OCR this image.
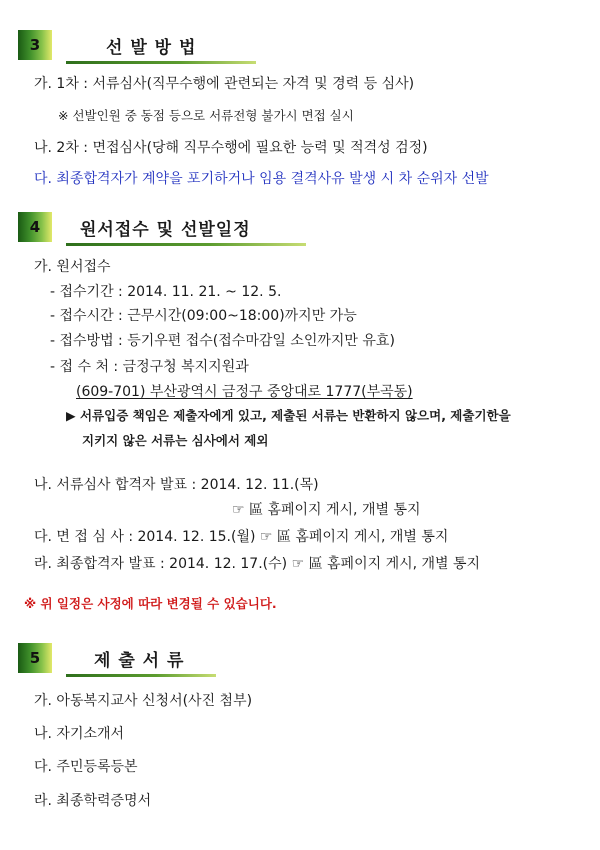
3	선 발 방 법
가. 1차 : 서류심사(직무수행에 관련되는 자격 및 경력 등 심사)
※ 선발인원 중 동점 등으로 서류전형 불가시 면접 실시
나. 2차 : 면접심사(당해 직무수행에 필요한 능력 및 적격성 검정)
다. 최종합격자가 계약을 포기하거나 임용 결격사유 발생 시 차 순위자 선발
4	원서접수 및 선발일정
가. 원서접수
- 접수기간 : 2014. 11. 21. ~ 12. 5.
- 접수시간 : 근무시간(09:00~18:00)까지만 가능
- 접수방법 : 등기우편 접수(접수마감일 소인까지만 유효)
- 접 수 처 : 금정구청 복지지원과
(609-701) 부산광역시 금정구 중앙대로 1777(부곡동)
▶ 서류입증 책임은 제출자에게 있고, 제출된 서류는 반환하지 않으며, 제출기한을
지키지 않은 서류는 심사에서 제외
나. 서류심사 합격자 발표 : 2014. 12. 11.(목)
☞ 區 홈페이지 게시, 개별 통지
다. 면 접 심 사 : 2014. 12. 15.(월) ☞ 區 홈페이지 게시, 개별 통지
라. 최종합격자 발표 : 2014. 12. 17.(수) ☞ 區 홈페이지 게시, 개별 통지
※ 위 일정은 사정에 따라 변경될 수 있습니다.
5	제 출 서 류
가. 아동복지교사 신청서(사진 첨부)
나. 자기소개서
다. 주민등록등본
라. 최종학력증명서
